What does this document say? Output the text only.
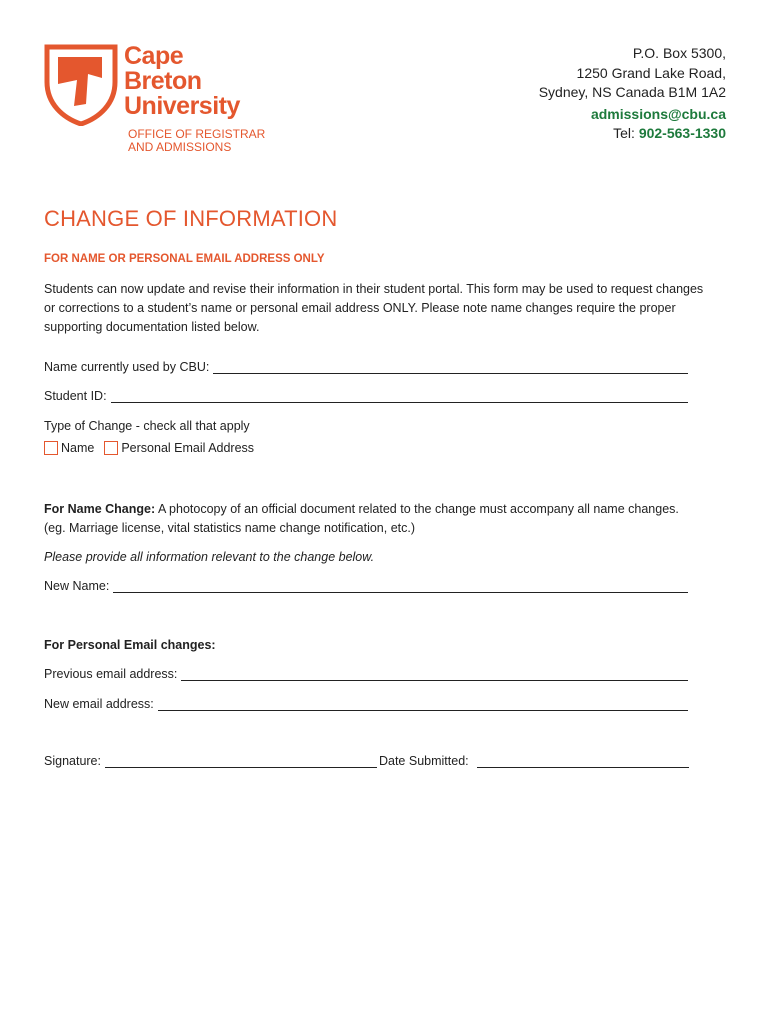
Cape
Breton
University
OFFICE OF REGISTRAR
AND ADMISSIONS
P.O. Box 5300,
1250 Grand Lake Road,
Sydney, NS Canada B1M 1A2
admissions@cbu.ca
Tel: 902-563-1330
CHANGE OF INFORMATION
FOR NAME OR PERSONAL EMAIL ADDRESS ONLY
Students can now update and revise their information in their student portal. This form may be used to request changes or corrections to a student’s name or personal email address ONLY. Please note name changes require the proper supporting documentation listed below.
Name currently used by CBU:
Student ID:
Type of Change - check all that apply
Name Personal Email Address
For Name Change: A photocopy of an official document related to the change must accompany all name changes.
(eg. Marriage license, vital statistics name change notification, etc.)
Please provide all information relevant to the change below.
New Name:
For Personal Email changes:
Previous email address:
New email address:
Signature:	Date Submitted:
